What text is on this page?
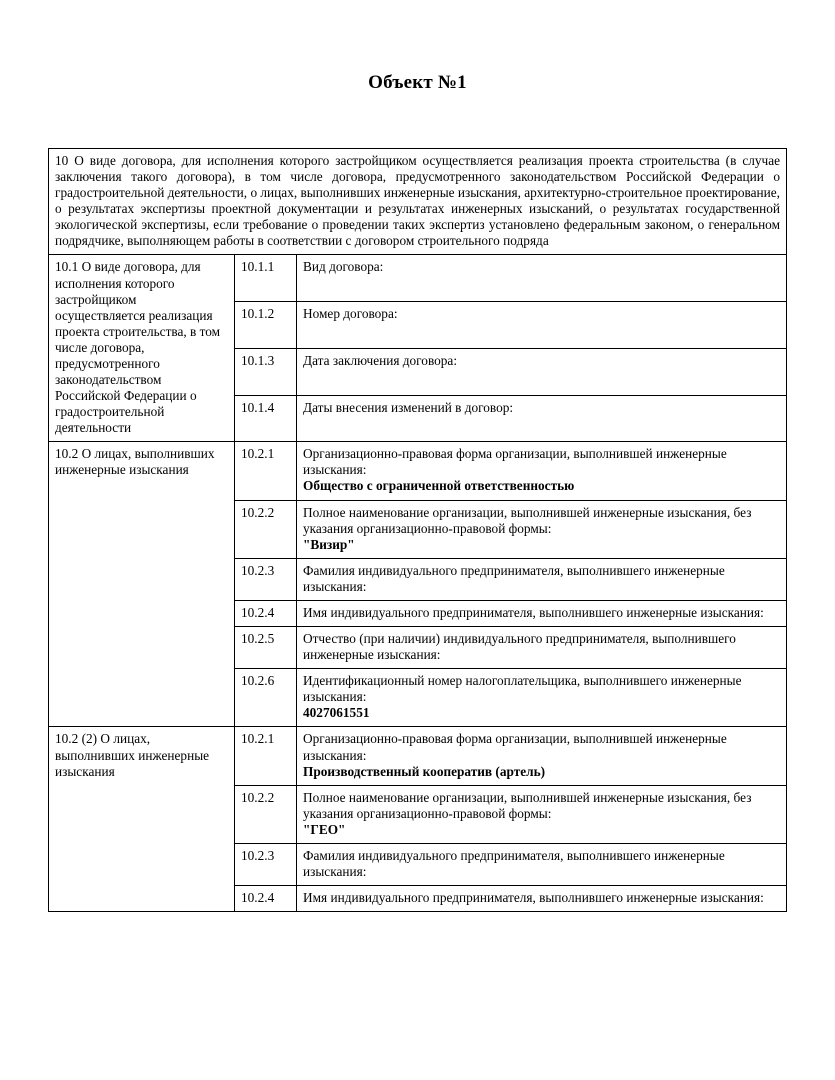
Объект №1
10 О виде договора, для исполнения которого застройщиком осуществляется реализация проекта строительства (в случае заключения такого договора), в том числе договора, предусмотренного законодательством Российской Федерации о градостроительной деятельности, о лицах, выполнивших инженерные изыскания, архитектурно-строительное проектирование, о результатах экспертизы проектной документации и результатах инженерных изысканий, о результатах государственной экологической экспертизы, если требование о проведении таких экспертиз установлено федеральным законом, о генеральном подрядчике, выполняющем работы в соответствии с договором строительного подряда		
10.1 О виде договора, для исполнения которого застройщиком осуществляется реализация проекта строительства, в том числе договора, предусмотренного законодательством Российской Федерации о градостроительной деятельности	10.1.1	Вид договора:

	10.1.2	Номер договора:

	10.1.3	Дата заключения договора:

	10.1.4	Даты внесения изменений в договор:

10.2 О лицах, выполнивших инженерные изыскания	10.2.1	Организационно-правовая форма организации, выполнившей инженерные изыскания:
Общество с ограниченной ответственностью

	10.2.2	Полное наименование организации, выполнившей инженерные изыскания, без указания организационно-правовой формы:
"Визир"

	10.2.3	Фамилия индивидуального предпринимателя, выполнившего инженерные изыскания:

	10.2.4	Имя индивидуального предпринимателя, выполнившего инженерные изыскания:

	10.2.5	Отчество (при наличии) индивидуального предпринимателя, выполнившего инженерные изыскания:

	10.2.6	Идентификационный номер налогоплательщика, выполнившего инженерные изыскания:
4027061551

10.2 (2) О лицах, выполнивших инженерные изыскания	10.2.1	Организационно-правовая форма организации, выполнившей инженерные изыскания:
Производственный кооператив (артель)

	10.2.2	Полное наименование организации, выполнившей инженерные изыскания, без указания организационно-правовой формы:
"ГЕО"

	10.2.3	Фамилия индивидуального предпринимателя, выполнившего инженерные изыскания:

	10.2.4	Имя индивидуального предпринимателя, выполнившего инженерные изыскания:
